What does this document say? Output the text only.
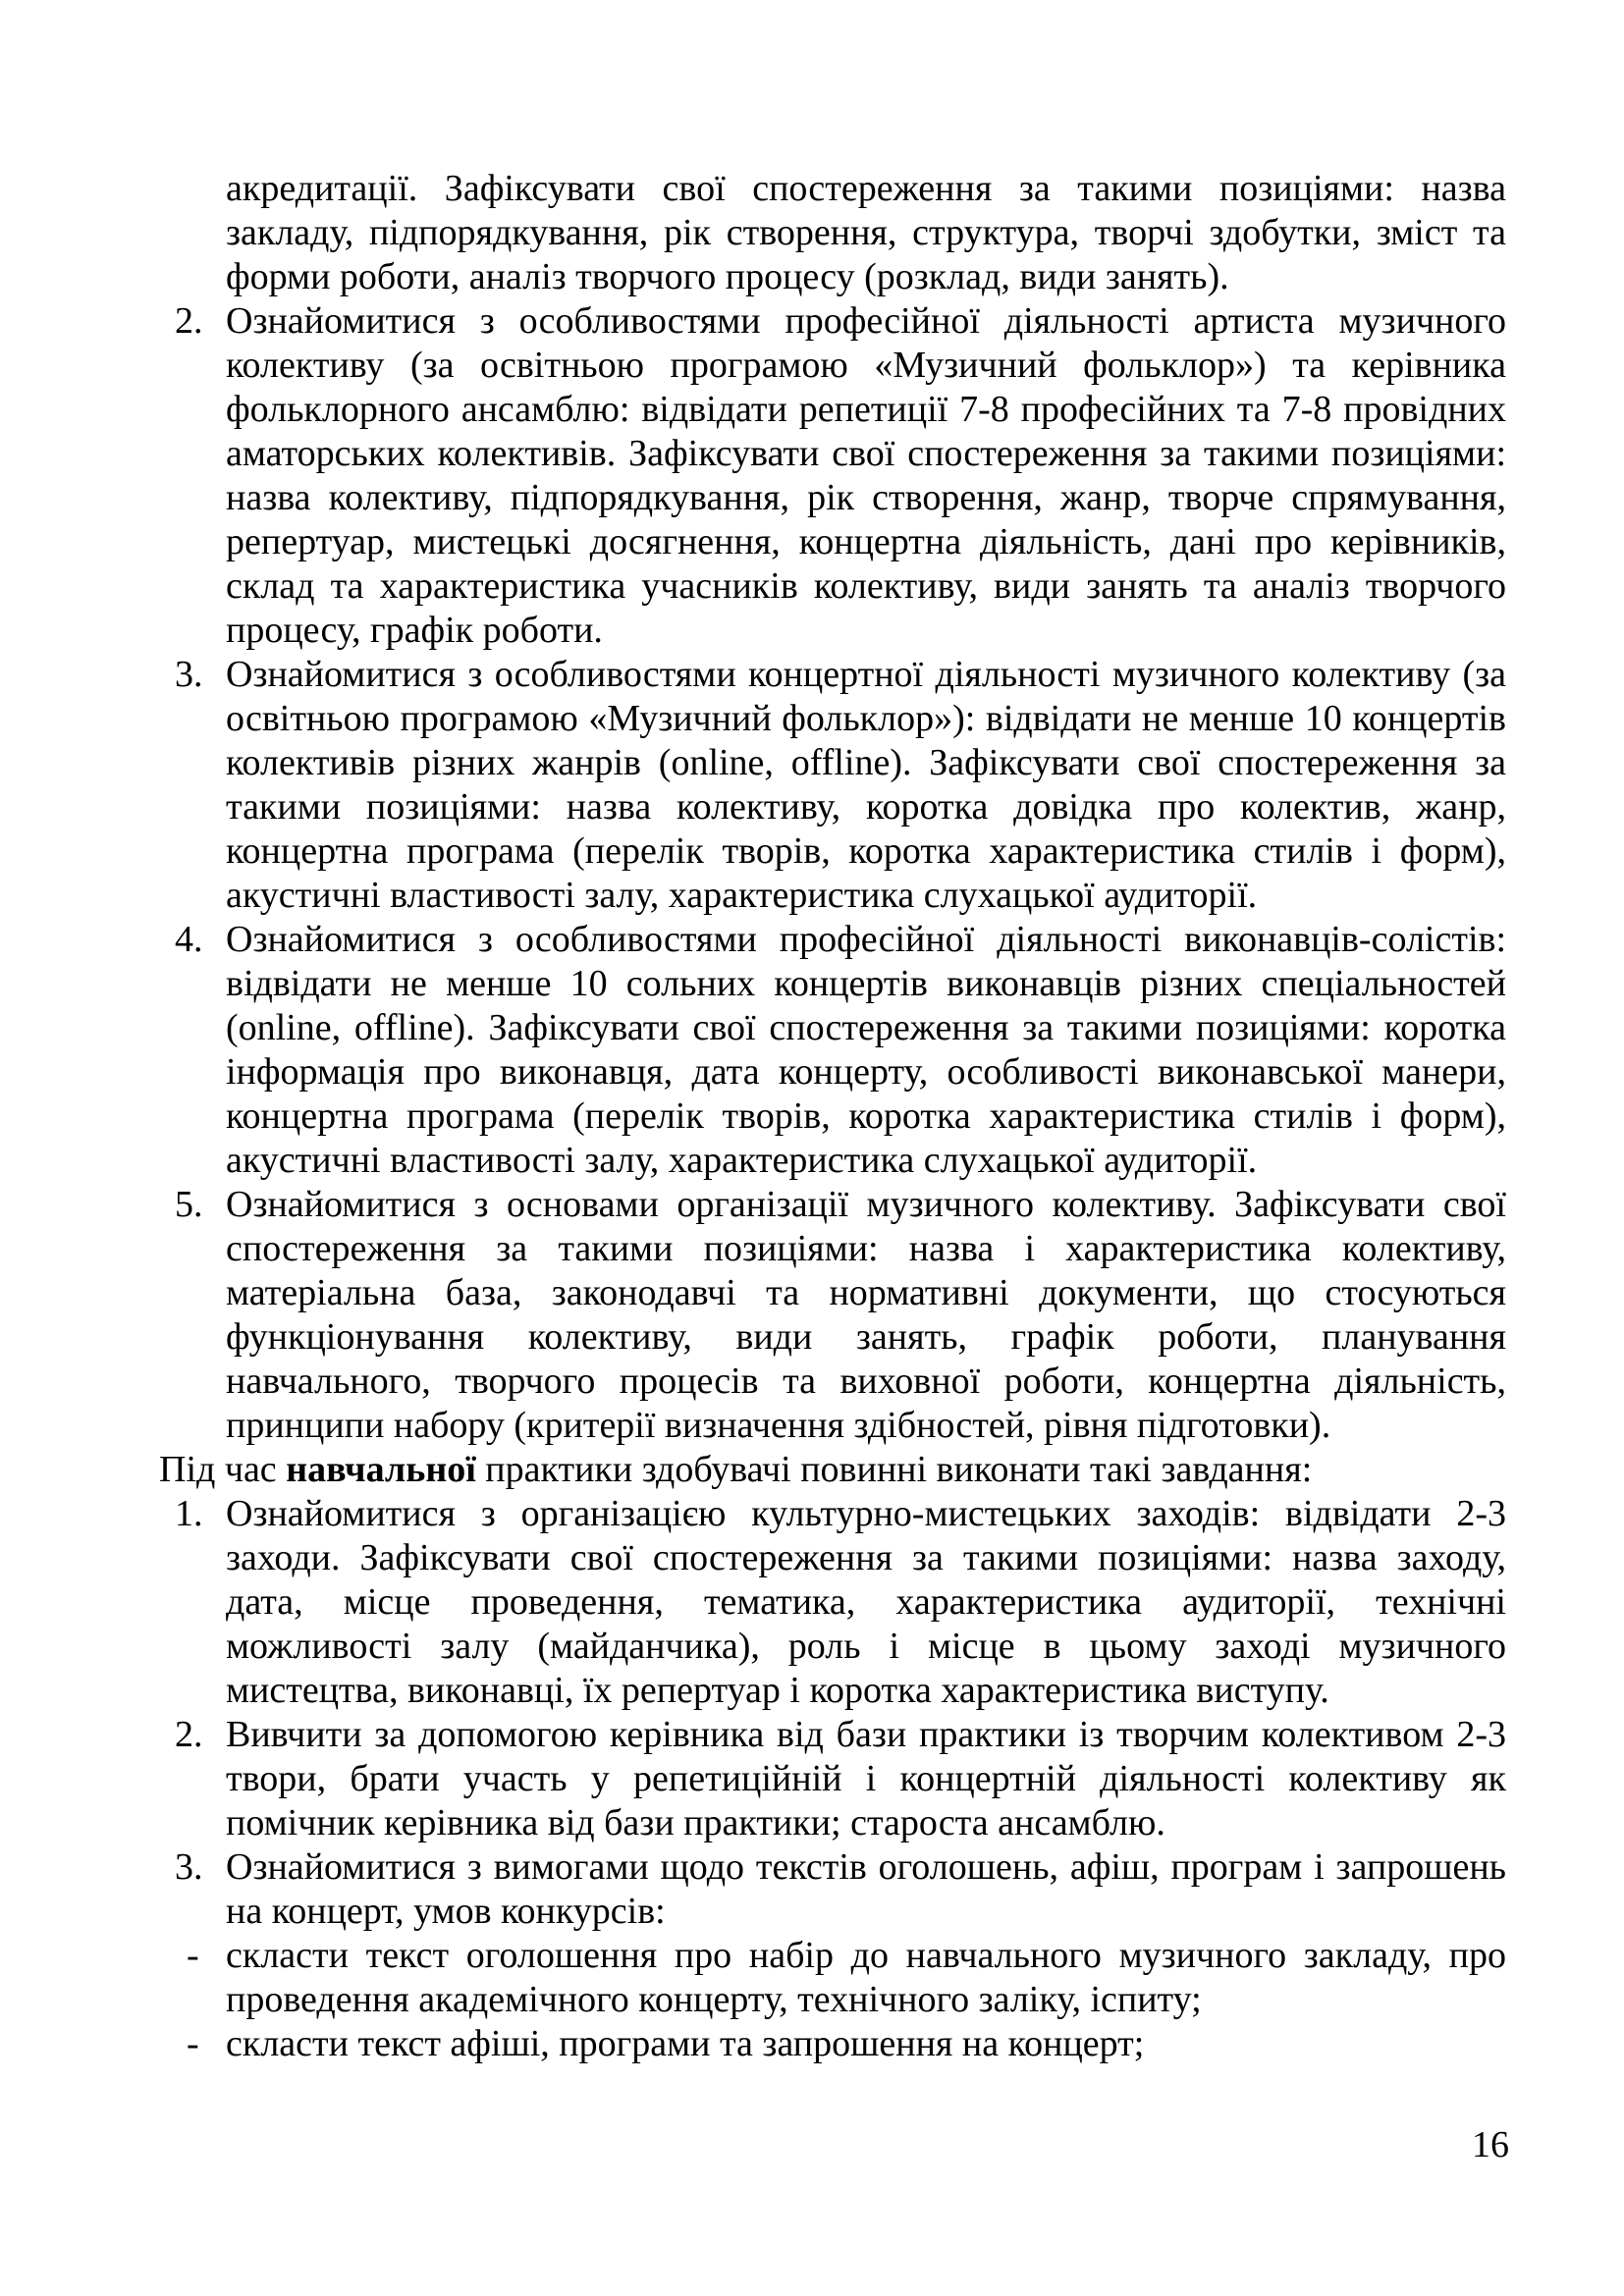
акредитації. Зафіксувати свої спостереження за такими позиціями: назва закладу, підпорядкування, рік створення, структура, творчі здобутки, зміст та форми роботи, аналіз творчого процесу (розклад, види занять).

2. Ознайомитися з особливостями професійної діяльності артиста музичного колективу (за освітньою програмою «Музичний фольклор») та керівника фольклорного ансамблю: відвідати репетиції 7-8 професійних та 7-8 провідних аматорських колективів. Зафіксувати свої спостереження за такими позиціями: назва колективу, підпорядкування, рік створення, жанр, творче спрямування, репертуар, мистецькі досягнення, концертна діяльність, дані про керівників, склад та характеристика учасників колективу, види занять та аналіз творчого процесу, графік роботи.

3. Ознайомитися з особливостями концертної діяльності музичного колективу (за освітньою програмою «Музичний фольклор»): відвідати не менше 10 концертів колективів різних жанрів (online, offline). Зафіксувати свої спостереження за такими позиціями: назва колективу, коротка довідка про колектив, жанр, концертна програма (перелік творів, коротка характеристика стилів і форм), акустичні властивості залу, характеристика слухацької аудиторії.

4. Ознайомитися з особливостями професійної діяльності виконавців-солістів: відвідати не менше 10 сольних концертів виконавців різних спеціальностей (online, offline). Зафіксувати свої спостереження за такими позиціями: коротка інформація про виконавця, дата концерту, особливості виконавської манери, концертна програма (перелік творів, коротка характеристика стилів і форм), акустичні властивості залу, характеристика слухацької аудиторії.

5. Ознайомитися з основами організації музичного колективу. Зафіксувати свої спостереження за такими позиціями: назва і характеристика колективу, матеріальна база, законодавчі та нормативні документи, що стосуються функціонування колективу, види занять, графік роботи, планування навчального, творчого процесів та виховної роботи, концертна діяльність, принципи набору (критерії визначення здібностей, рівня підготовки).

Під час навчальної практики здобувачі повинні виконати такі завдання:

1. Ознайомитися з організацією культурно-мистецьких заходів: відвідати 2-3 заходи. Зафіксувати свої спостереження за такими позиціями: назва заходу, дата, місце проведення, тематика, характеристика аудиторії, технічні можливості залу (майданчика), роль і місце в цьому заході музичного мистецтва, виконавці, їх репертуар і коротка характеристика виступу.

2. Вивчити за допомогою керівника від бази практики із творчим колективом 2-3 твори, брати участь у репетиційній і концертній діяльності колективу як помічник керівника від бази практики; староста ансамблю.

3. Ознайомитися з вимогами щодо текстів оголошень, афіш, програм і запрошень на концерт, умов конкурсів:

- скласти текст оголошення про набір до навчального музичного закладу, про проведення академічного концерту, технічного заліку, іспиту;

- скласти текст афіші, програми та запрошення на концерт;

16
